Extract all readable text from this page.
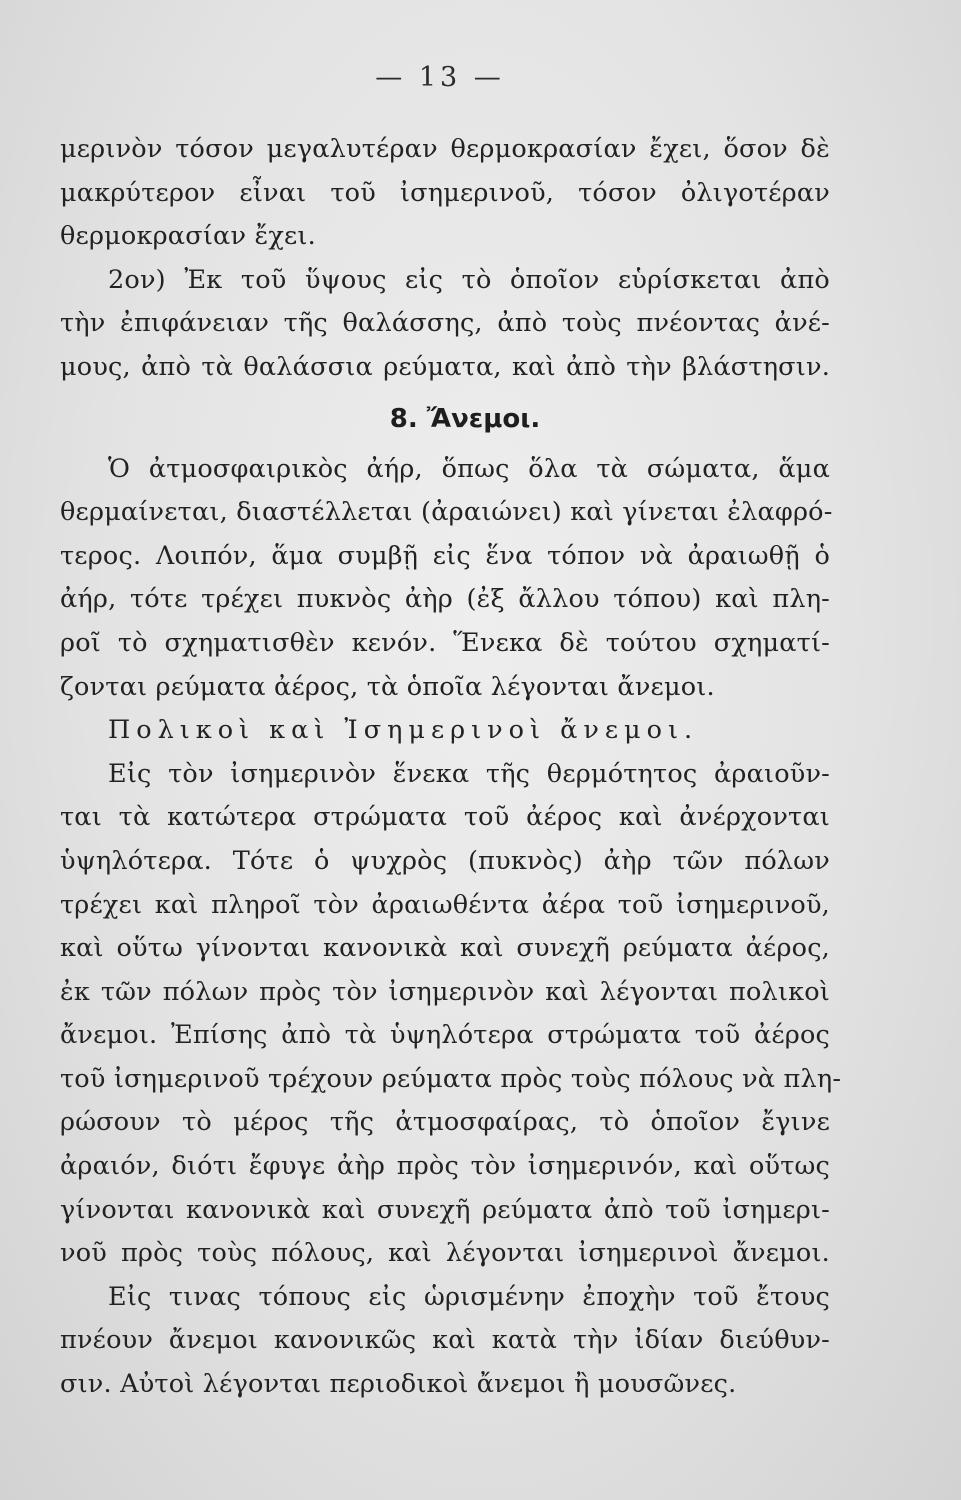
— 13 —
μερινὸν τόσον μεγαλυτέραν θερμοκρασίαν ἔχει, ὅσον δὲ
μακρύτερον εἶναι τοῦ ἰσημερινοῦ, τόσον ὀλιγοτέραν
θερμοκρασίαν ἔχει.
2ον) Ἐκ τοῦ ὕψους εἰς τὸ ὁποῖον εὑρίσκεται ἀπὸ
τὴν ἐπιφάνειαν τῆς θαλάσσης, ἀπὸ τοὺς πνέοντας ἀνέ-
μους, ἀπὸ τὰ θαλάσσια ρεύματα, καὶ ἀπὸ τὴν βλάστησιν.
8. Ἄνεμοι.
Ὁ ἀτμοσφαιρικὸς ἀήρ, ὅπως ὅλα τὰ σώματα, ἅμα
θερμαίνεται, διαστέλλεται (ἀραιώνει) καὶ γίνεται ἐλαφρό-
τερος. Λοιπόν, ἅμα συμβῇ εἰς ἕνα τόπον νὰ ἀραιωθῇ ὁ
ἀήρ, τότε τρέχει πυκνὸς ἀὴρ (ἐξ ἄλλου τόπου) καὶ πλη-
ροῖ τὸ σχηματισθὲν κενόν. Ἕνεκα δὲ τούτου σχηματί-
ζονται ρεύματα ἀέρος, τὰ ὁποῖα λέγονται ἄνεμοι.
Πολικοὶ καὶ Ἰσημερινοὶ ἄνεμοι.
Εἰς τὸν ἰσημερινὸν ἕνεκα τῆς θερμότητος ἀραιοῦν-
ται τὰ κατώτερα στρώματα τοῦ ἀέρος καὶ ἀνέρχονται
ὑψηλότερα. Τότε ὁ ψυχρὸς (πυκνὸς) ἀὴρ τῶν πόλων
τρέχει καὶ πληροῖ τὸν ἀραιωθέντα ἀέρα τοῦ ἰσημερινοῦ,
καὶ οὕτω γίνονται κανονικὰ καὶ συνεχῆ ρεύματα ἀέρος,
ἐκ τῶν πόλων πρὸς τὸν ἰσημερινὸν καὶ λέγονται πολικοὶ
ἄνεμοι. Ἐπίσης ἀπὸ τὰ ὑψηλότερα στρώματα τοῦ ἀέρος
τοῦ ἰσημερινοῦ τρέχουν ρεύματα πρὸς τοὺς πόλους νὰ πλη-
ρώσουν τὸ μέρος τῆς ἀτμοσφαίρας, τὸ ὁποῖον ἔγινε
ἀραιόν, διότι ἔφυγε ἀὴρ πρὸς τὸν ἰσημερινόν, καὶ οὕτως
γίνονται κανονικὰ καὶ συνεχῆ ρεύματα ἀπὸ τοῦ ἰσημερι-
νοῦ πρὸς τοὺς πόλους, καὶ λέγονται ἰσημερινοὶ ἄνεμοι.
Εἰς τινας τόπους εἰς ὡρισμένην ἐποχὴν τοῦ ἔτους
πνέουν ἄνεμοι κανονικῶς καὶ κατὰ τὴν ἰδίαν διεύθυν-
σιν. Αὐτοὶ λέγονται περιοδικοὶ ἄνεμοι ἢ μουσῶνες.
